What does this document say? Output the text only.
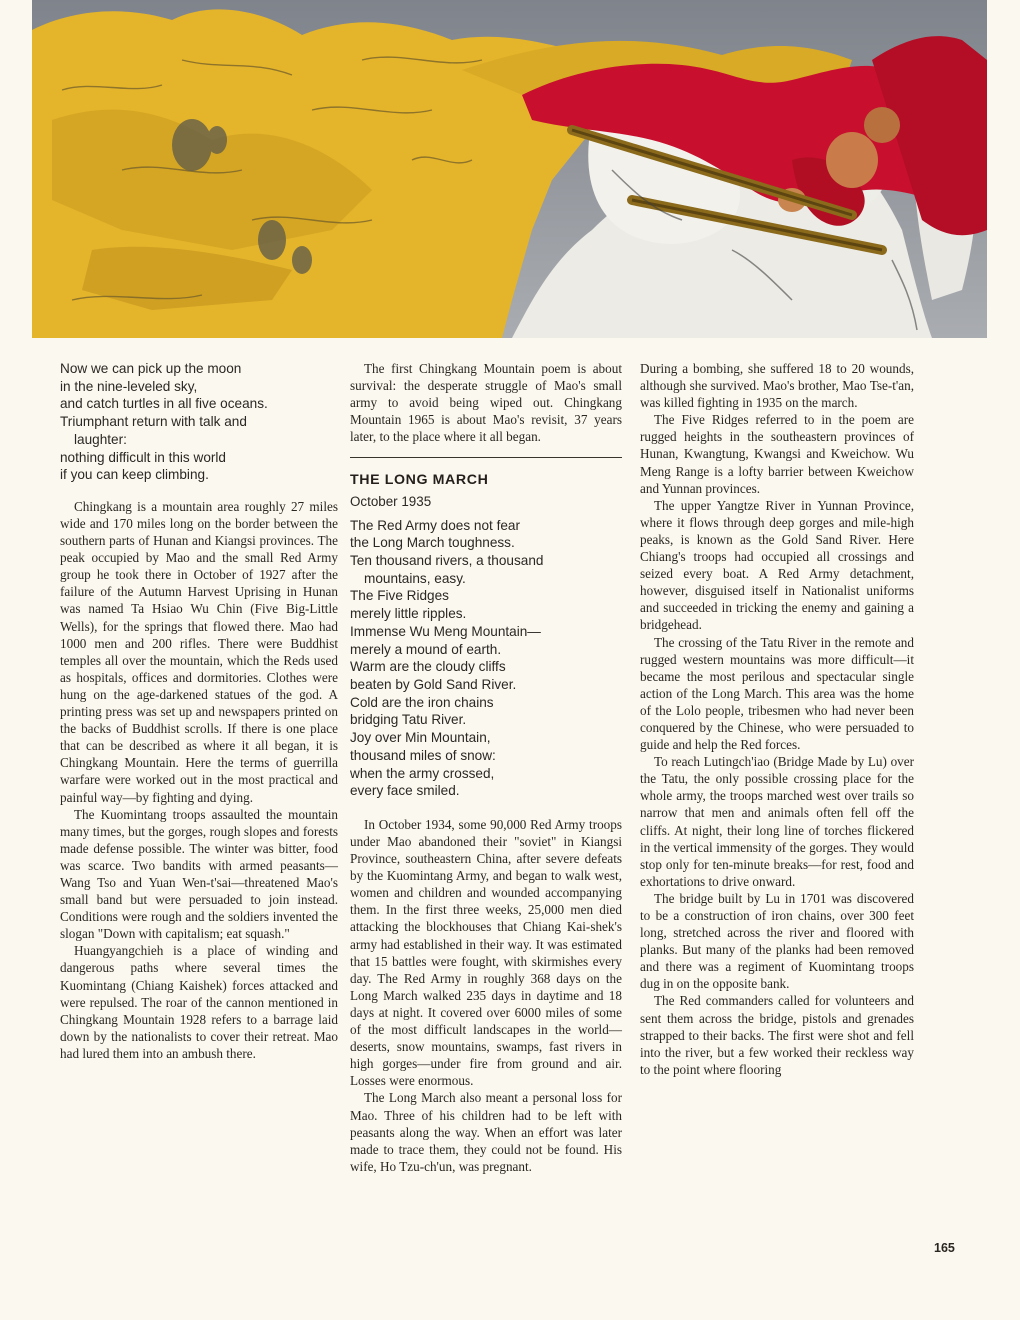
Now we can pick up the moon
in the nine-leveled sky,
and catch turtles in all five oceans.
Triumphant return with talk and
laughter:
nothing difficult in this world
if you can keep climbing.

Chingkang is a mountain area roughly 27 miles wide and 170 miles long on the border between the southern parts of Hunan and Kiangsi provinces. The peak occupied by Mao and the small Red Army group he took there in October of 1927 after the failure of the Autumn Harvest Uprising in Hunan was named Ta Hsiao Wu Chin (Five Big-Little Wells), for the springs that flowed there. Mao had 1000 men and 200 rifles. There were Buddhist temples all over the mountain, which the Reds used as hospitals, offices and dormitories. Clothes were hung on the age-darkened statues of the god. A printing press was set up and newspapers printed on the backs of Buddhist scrolls. If there is one place that can be described as where it all began, it is Chingkang Mountain. Here the terms of guerrilla warfare were worked out in the most practical and painful way—by fighting and dying.

The Kuomintang troops assaulted the mountain many times, but the gorges, rough slopes and forests made defense possible. The winter was bitter, food was scarce. Two bandits with armed peasants—Wang Tso and Yuan Wen-t'sai—threatened Mao's small band but were persuaded to join instead. Conditions were rough and the soldiers invented the slogan "Down with capitalism; eat squash."

Huangyangchieh is a place of winding and dangerous paths where several times the Kuomintang (Chiang Kaishek) forces attacked and were repulsed. The roar of the cannon mentioned in Chingkang Mountain 1928 refers to a barrage laid down by the nationalists to cover their retreat. Mao had lured them into an ambush there.

The first Chingkang Mountain poem is about survival: the desperate struggle of Mao's small army to avoid being wiped out. Chingkang Mountain 1965 is about Mao's revisit, 37 years later, to the place where it all began.

THE LONG MARCH
October 1935
The Red Army does not fear
the Long March toughness.
Ten thousand rivers, a thousand
mountains, easy.
The Five Ridges
merely little ripples.
Immense Wu Meng Mountain—
merely a mound of earth.
Warm are the cloudy cliffs
beaten by Gold Sand River.
Cold are the iron chains
bridging Tatu River.
Joy over Min Mountain,
thousand miles of snow:
when the army crossed,
every face smiled.

In October 1934, some 90,000 Red Army troops under Mao abandoned their "soviet" in Kiangsi Province, southeastern China, after severe defeats by the Kuomintang Army, and began to walk west, women and children and wounded accompanying them. In the first three weeks, 25,000 men died attacking the blockhouses that Chiang Kai-shek's army had established in their way. It was estimated that 15 battles were fought, with skirmishes every day. The Red Army in roughly 368 days on the Long March walked 235 days in daytime and 18 days at night. It covered over 6000 miles of some of the most difficult landscapes in the world—deserts, snow mountains, swamps, fast rivers in high gorges—under fire from ground and air. Losses were enormous.

The Long March also meant a personal loss for Mao. Three of his children had to be left with peasants along the way. When an effort was later made to trace them, they could not be found. His wife, Ho Tzu-ch'un, was pregnant.

During a bombing, she suffered 18 to 20 wounds, although she survived. Mao's brother, Mao Tse-t'an, was killed fighting in 1935 on the march.

The Five Ridges referred to in the poem are rugged heights in the southeastern provinces of Hunan, Kwangtung, Kwangsi and Kweichow. Wu Meng Range is a lofty barrier between Kweichow and Yunnan provinces.

The upper Yangtze River in Yunnan Province, where it flows through deep gorges and mile-high peaks, is known as the Gold Sand River. Here Chiang's troops had occupied all crossings and seized every boat. A Red Army detachment, however, disguised itself in Nationalist uniforms and succeeded in tricking the enemy and gaining a bridgehead.

The crossing of the Tatu River in the remote and rugged western mountains was more difficult—it became the most perilous and spectacular single action of the Long March. This area was the home of the Lolo people, tribesmen who had never been conquered by the Chinese, who were persuaded to guide and help the Red forces.

To reach Lutingch'iao (Bridge Made by Lu) over the Tatu, the only possible crossing place for the whole army, the troops marched west over trails so narrow that men and animals often fell off the cliffs. At night, their long line of torches flickered in the vertical immensity of the gorges. They would stop only for ten-minute breaks—for rest, food and exhortations to drive onward.

The bridge built by Lu in 1701 was discovered to be a construction of iron chains, over 300 feet long, stretched across the river and floored with planks. But many of the planks had been removed and there was a regiment of Kuomintang troops dug in on the opposite bank.

The Red commanders called for volunteers and sent them across the bridge, pistols and grenades strapped to their backs. The first were shot and fell into the river, but a few worked their reckless way to the point where flooring

165
